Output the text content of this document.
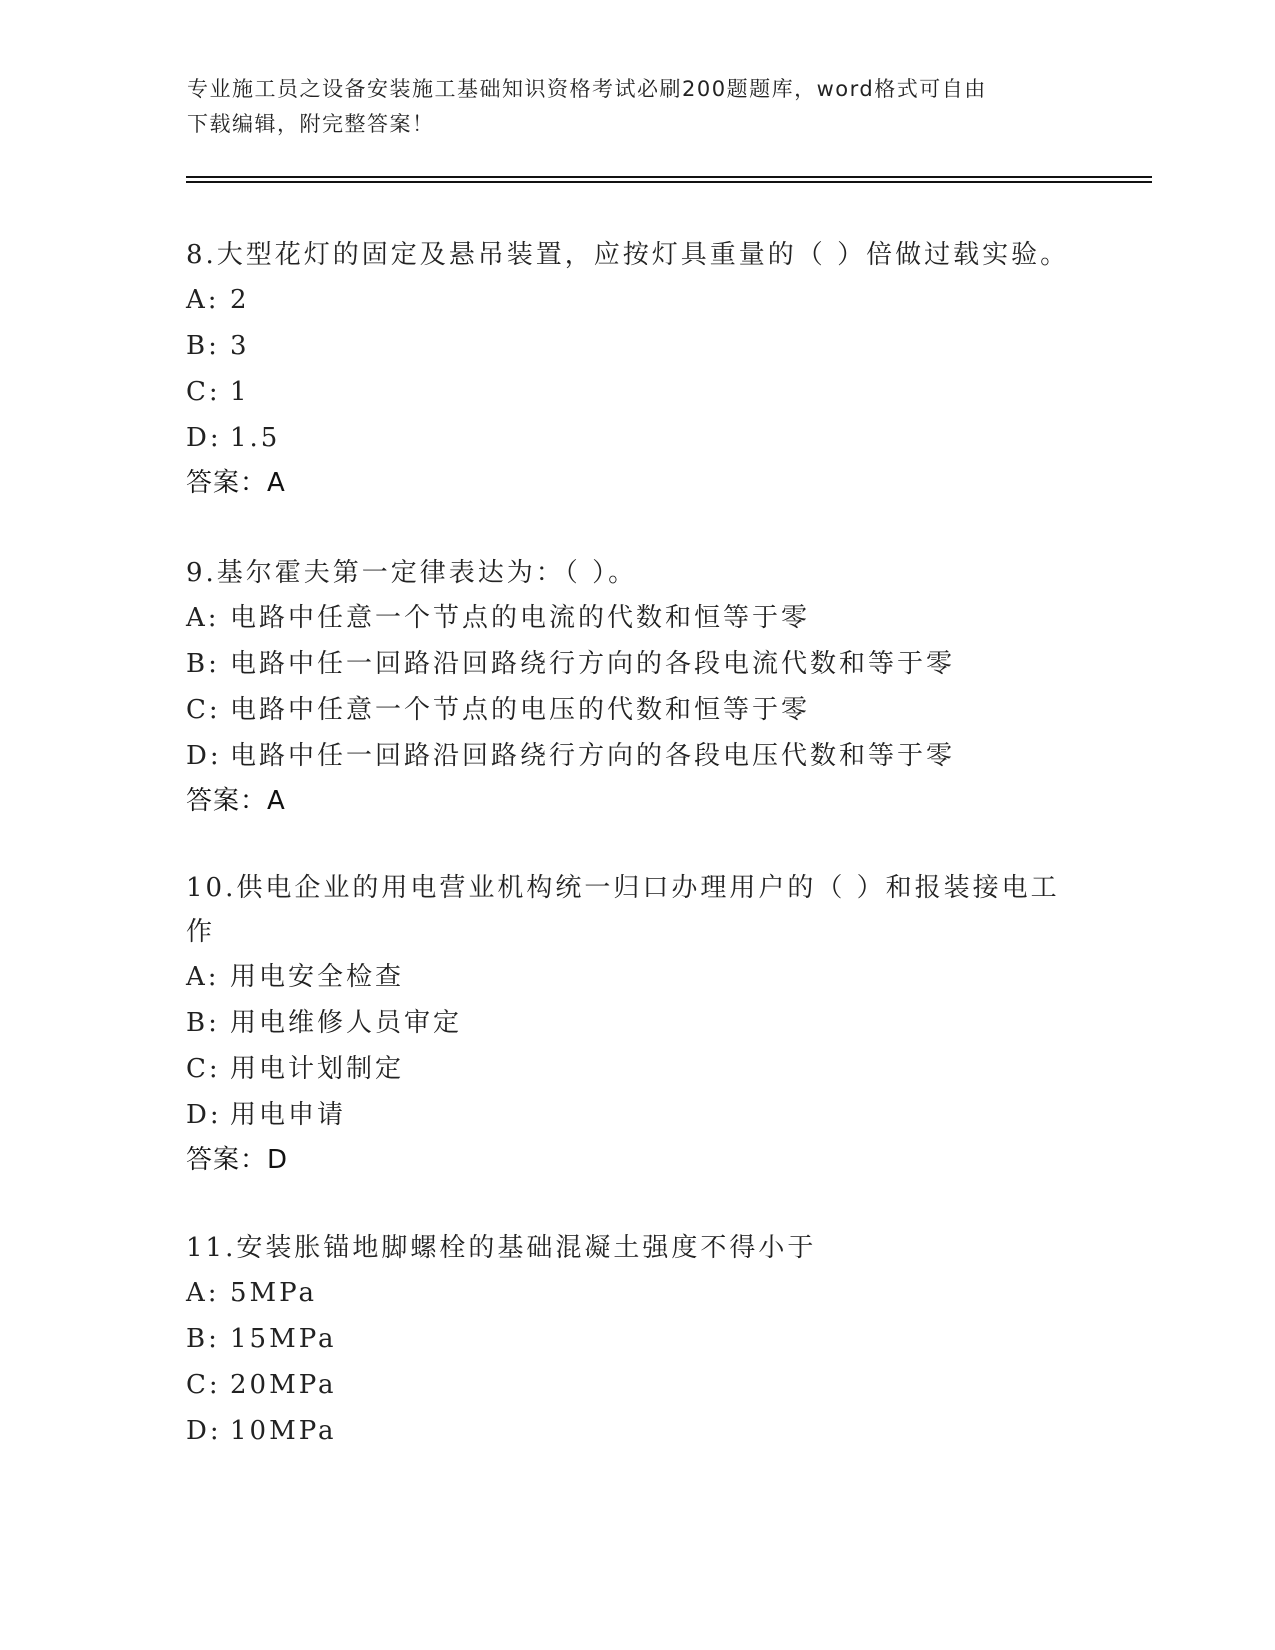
专业施工员之设备安装施工基础知识资格考试必刷200题题库，word格式可自由
下载编辑，附完整答案！
8.大型花灯的固定及悬吊装置，应按灯具重量的（ ）倍做过载实验。
A: 2
B: 3
C: 1
D: 1.5
答案：A
9.基尔霍夫第一定律表达为：（ ）。
A: 电路中任意一个节点的电流的代数和恒等于零
B: 电路中任一回路沿回路绕行方向的各段电流代数和等于零
C: 电路中任意一个节点的电压的代数和恒等于零
D: 电路中任一回路沿回路绕行方向的各段电压代数和等于零
答案：A
10.供电企业的用电营业机构统一归口办理用户的（ ）和报装接电工
作
A: 用电安全检查
B: 用电维修人员审定
C: 用电计划制定
D: 用电申请
答案：D
11.安装胀锚地脚螺栓的基础混凝土强度不得小于
A: 5MPa
B: 15MPa
C: 20MPa
D: 10MPa
